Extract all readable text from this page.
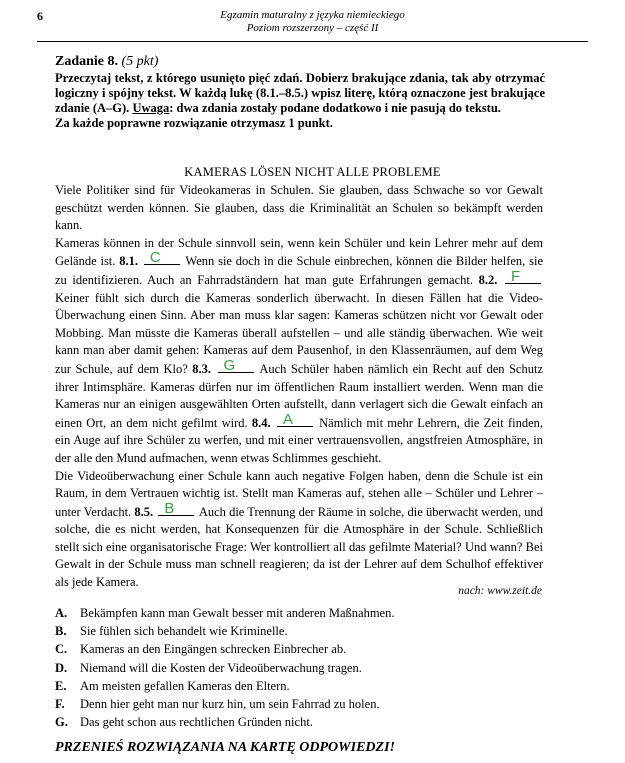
6	Egzamin maturalny z języka niemieckiego
Poziom rozszerzony – część II
Zadanie 8. (5 pkt)
Przeczytaj tekst, z którego usunięto pięć zdań. Dobierz brakujące zdania, tak aby otrzymać logiczny i spójny tekst. W każdą lukę (8.1.–8.5.) wpisz literę, którą oznaczone jest brakujące zdanie (A–G). Uwaga: dwa zdania zostały podane dodatkowo i nie pasują do tekstu.
Za każde poprawne rozwiązanie otrzymasz 1 punkt.
KAMERAS LÖSEN NICHT ALLE PROBLEME

Viele Politiker sind für Videokameras in Schulen. Sie glauben, dass Schwache so vor Gewalt geschützt werden können. Sie glauben, dass die Kriminalität an Schulen so bekämpft werden kann.

Kameras können in der Schule sinnvoll sein, wenn kein Schüler und kein Lehrer mehr auf dem Gelände ist. 8.1. C Wenn sie doch in die Schule einbrechen, können die Bilder helfen, sie zu identifizieren. Auch an Fahrradständern hat man gute Erfahrungen gemacht. 8.2. F
Keiner fühlt sich durch die Kameras sonderlich überwacht. In diesen Fällen hat die Video-Überwachung einen Sinn. Aber man muss klar sagen: Kameras schützen nicht vor Gewalt oder Mobbing. Man müsste die Kameras überall aufstellen – und alle ständig überwachen. Wie weit kann man aber damit gehen: Kameras auf dem Pausenhof, in den Klassenräumen, auf dem Weg zur Schule, auf dem Klo? 8.3. G Auch Schüler haben nämlich ein Recht auf den Schutz ihrer Intimsphäre. Kameras dürfen nur im öffentlichen Raum installiert werden. Wenn man die Kameras nur an einigen ausgewählten Orten aufstellt, dann verlagert sich die Gewalt einfach an einen Ort, an dem nicht gefilmt wird. 8.4. A Nämlich mit mehr Lehrern, die Zeit finden, ein Auge auf ihre Schüler zu werfen, und mit einer vertrauensvollen, angstfreien Atmosphäre, in der alle den Mund aufmachen, wenn etwas Schlimmes geschieht.

Die Videoüberwachung einer Schule kann auch negative Folgen haben, denn die Schule ist ein Raum, in dem Vertrauen wichtig ist. Stellt man Kameras auf, stehen alle – Schüler und Lehrer – unter Verdacht. 8.5. B Auch die Trennung der Räume in solche, die überwacht werden, und solche, die es nicht werden, hat Konsequenzen für die Atmosphäre in der Schule. Schließlich stellt sich eine organisatorische Frage: Wer kontrolliert all das gefilmte Material? Und wann? Bei Gewalt in der Schule muss man schnell reagieren; da ist der Lehrer auf dem Schulhof effektiver als jede Kamera.

nach: www.zeit.de
A.	Bekämpfen kann man Gewalt besser mit anderen Maßnahmen.
B.	Sie fühlen sich behandelt wie Kriminelle.
C.	Kameras an den Eingängen schrecken Einbrecher ab.
D.	Niemand will die Kosten der Videoüberwachung tragen.
E.	Am meisten gefallen Kameras den Eltern.
F.	Denn hier geht man nur kurz hin, um sein Fahrrad zu holen.
G. Das geht schon aus rechtlichen Gründen nicht.
PRZENIEŚ ROZWIĄZANIA NA KARTĘ ODPOWIEDZI!
